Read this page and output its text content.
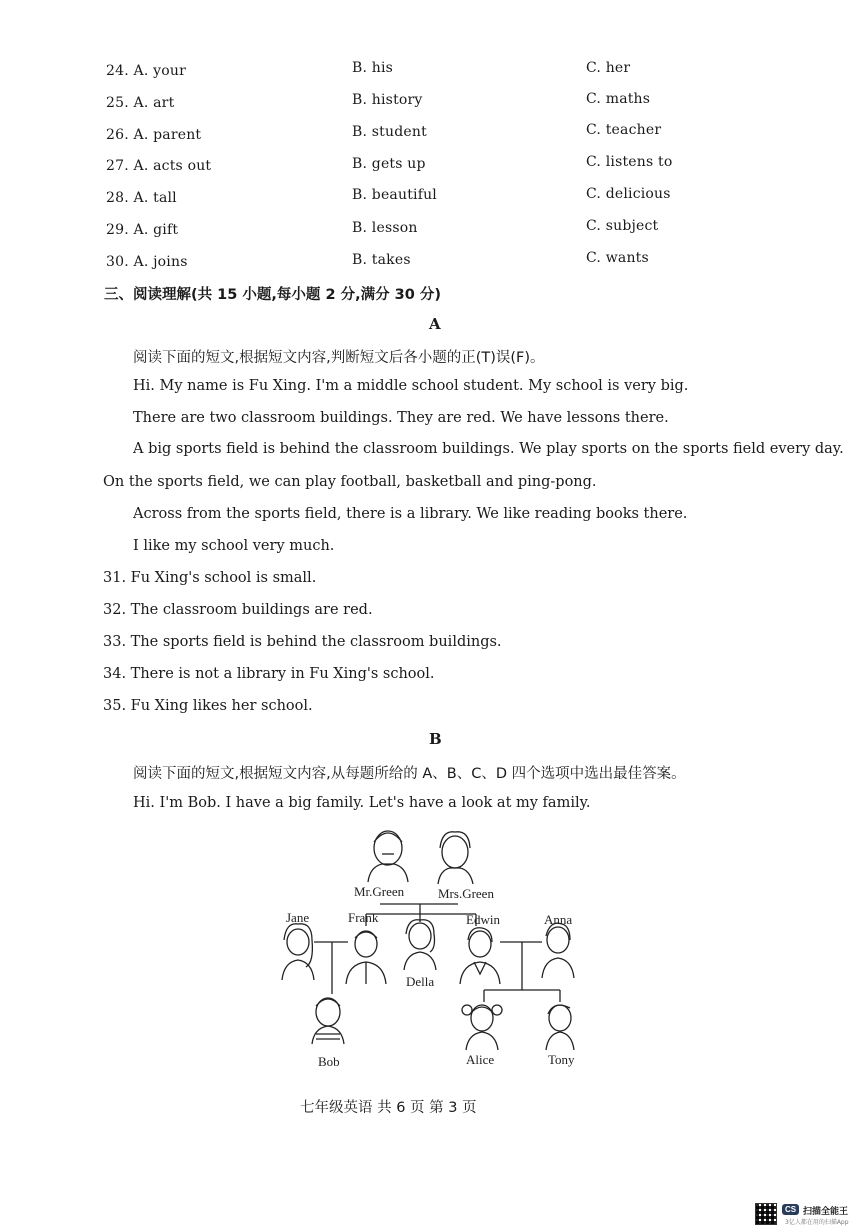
24. A. your	B. his	C. her
25. A. art	B. history	C. maths
26. A. parent	B. student	C. teacher
27. A. acts out	B. gets up	C. listens to
28. A. tall	B. beautiful	C. delicious
29. A. gift	B. lesson	C. subject
30. A. joins	B. takes	C. wants
三、阅读理解(共 15 小题,每小题 2 分,满分 30 分)
A
阅读下面的短文,根据短文内容,判断短文后各小题的正(T)误(F)。
Hi. My name is Fu Xing. I'm a middle school student. My school is very big.
There are two classroom buildings. They are red. We have lessons there.
A big sports field is behind the classroom buildings. We play sports on the sports field every day.
On the sports field, we can play football, basketball and ping-pong.
Across from the sports field, there is a library. We like reading books there.
I like my school very much.
31. Fu Xing's school is small.
32. The classroom buildings are red.
33. The sports field is behind the classroom buildings.
34. There is not a library in Fu Xing's school.
35. Fu Xing likes her school.
B
阅读下面的短文,根据短文内容,从每题所给的 A、B、C、D 四个选项中选出最佳答案。
Hi. I'm Bob. I have a big family. Let's have a look at my family.
Mr.Green	Mrs.Green
Jane	Frank	Edwin	Anna
Della
Bob	Alice	Tony
七年级英语 共 6 页 第 3 页
CS 扫描全能王
3亿人都在用的扫描App
